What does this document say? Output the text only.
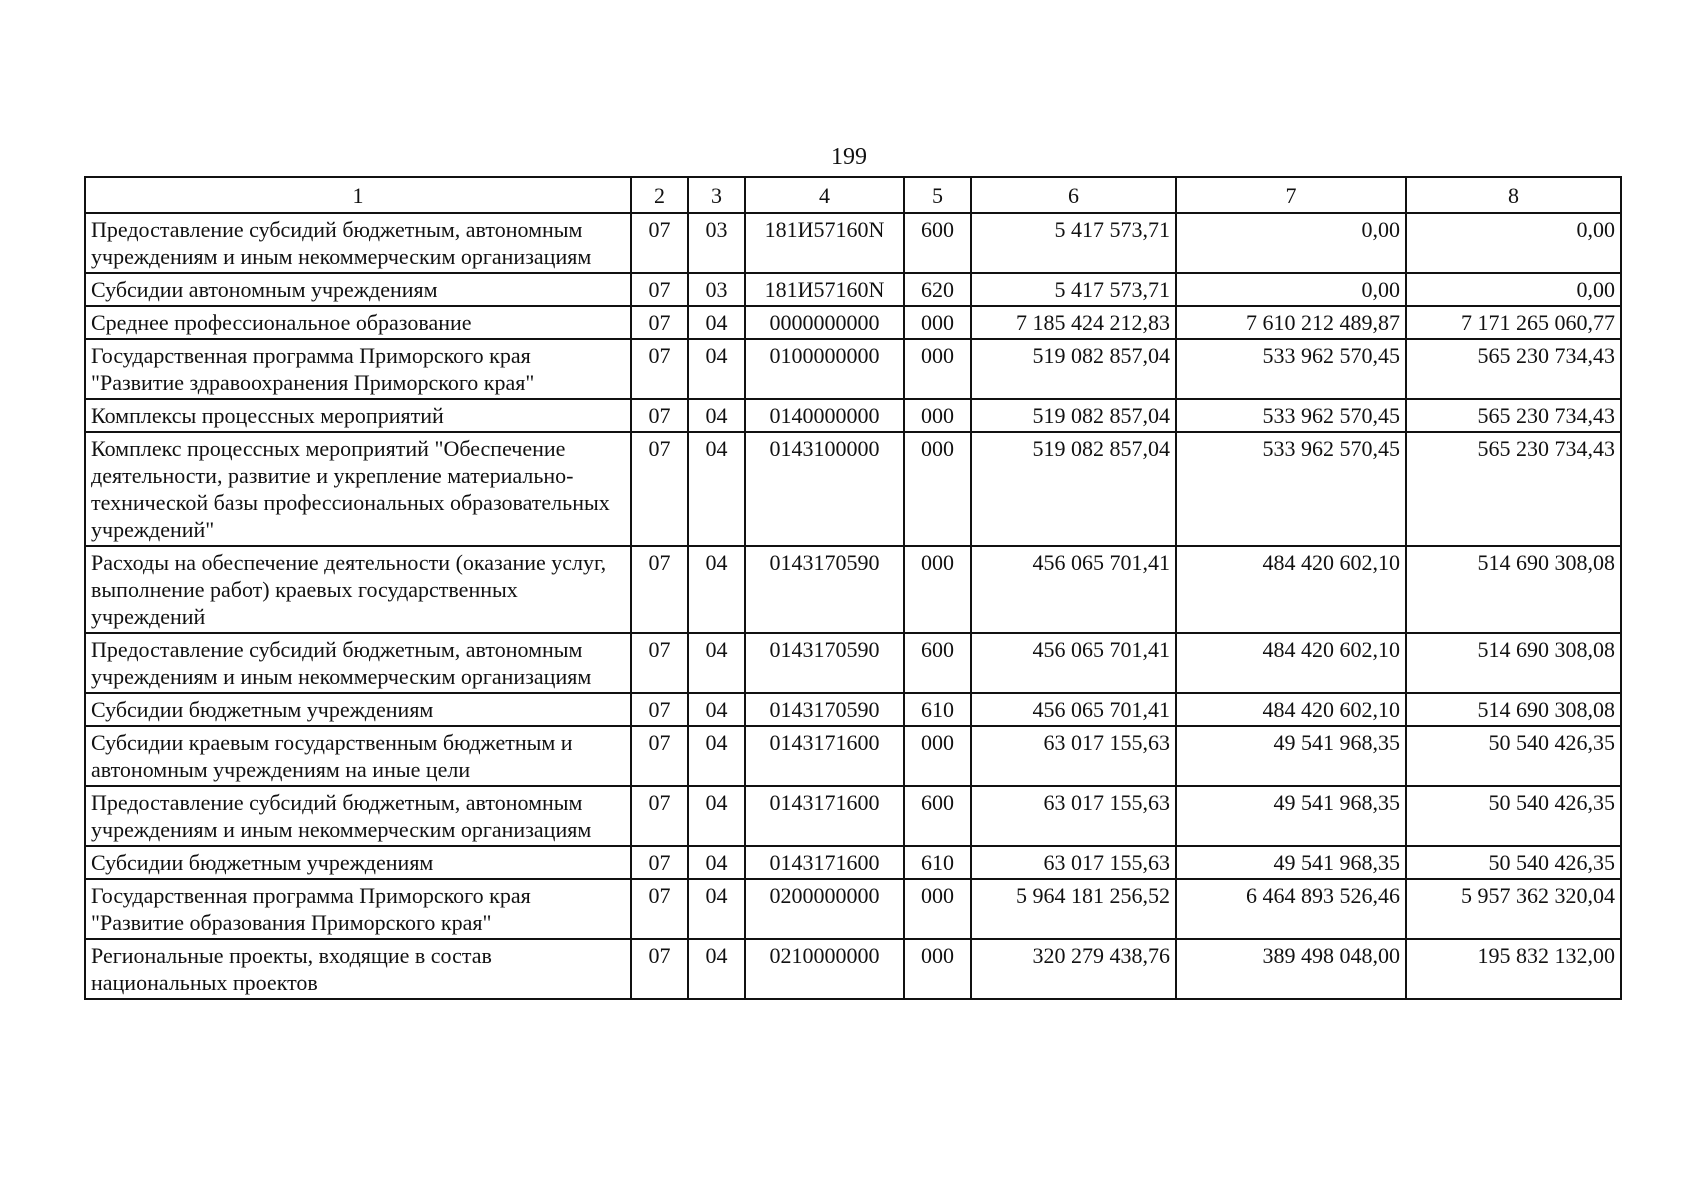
199
1	2	3	4	5	6	7	8
Предоставление субсидий бюджетным, автономным учреждениям и иным некоммерческим организациям	07	03	181И57160N	600	5 417 573,71	0,00	0,00
Субсидии автономным учреждениям	07	03	181И57160N	620	5 417 573,71	0,00	0,00
Среднее профессиональное образование	07	04	0000000000	000	7 185 424 212,83	7 610 212 489,87	7 171 265 060,77
Государственная программа Приморского края "Развитие здравоохранения Приморского края"	07	04	0100000000	000	519 082 857,04	533 962 570,45	565 230 734,43
Комплексы процессных мероприятий	07	04	0140000000	000	519 082 857,04	533 962 570,45	565 230 734,43
Комплекс процессных мероприятий "Обеспечение деятельности, развитие и укрепление материально-технической базы профессиональных образовательных учреждений"	07	04	0143100000	000	519 082 857,04	533 962 570,45	565 230 734,43
Расходы на обеспечение деятельности (оказание услуг, выполнение работ) краевых государственных учреждений	07	04	0143170590	000	456 065 701,41	484 420 602,10	514 690 308,08
Предоставление субсидий бюджетным, автономным учреждениям и иным некоммерческим организациям	07	04	0143170590	600	456 065 701,41	484 420 602,10	514 690 308,08
Субсидии бюджетным учреждениям	07	04	0143170590	610	456 065 701,41	484 420 602,10	514 690 308,08
Субсидии краевым государственным бюджетным и автономным учреждениям на иные цели	07	04	0143171600	000	63 017 155,63	49 541 968,35	50 540 426,35
Предоставление субсидий бюджетным, автономным учреждениям и иным некоммерческим организациям	07	04	0143171600	600	63 017 155,63	49 541 968,35	50 540 426,35
Субсидии бюджетным учреждениям	07	04	0143171600	610	63 017 155,63	49 541 968,35	50 540 426,35
Государственная программа Приморского края "Развитие образования Приморского края"	07	04	0200000000	000	5 964 181 256,52	6 464 893 526,46	5 957 362 320,04
Региональные проекты, входящие в состав национальных проектов	07	04	0210000000	000	320 279 438,76	389 498 048,00	195 832 132,00
